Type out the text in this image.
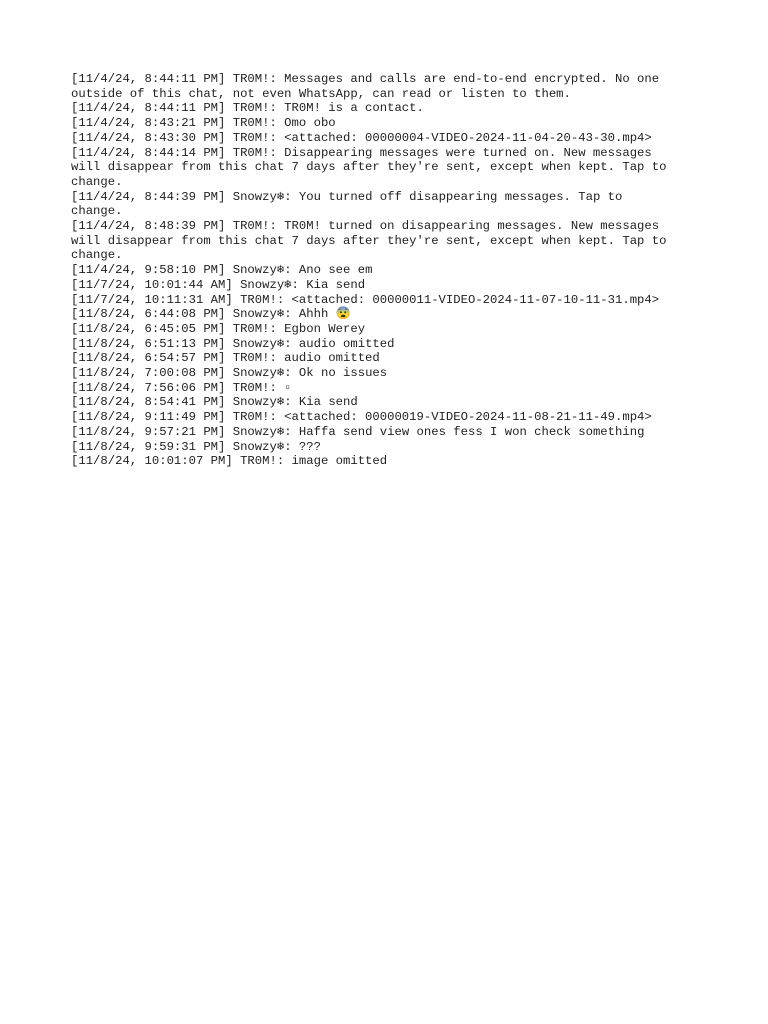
[11/4/24, 8:44:11 PM] TR0M!: Messages and calls are end-to-end encrypted. No one
outside of this chat, not even WhatsApp, can read or listen to them.
[11/4/24, 8:44:11 PM] TR0M!: TR0M! is a contact.
[11/4/24, 8:43:21 PM] TR0M!: Omo obo
[11/4/24, 8:43:30 PM] TR0M!: <attached: 00000004-VIDEO-2024-11-04-20-43-30.mp4>
[11/4/24, 8:44:14 PM] TR0M!: Disappearing messages were turned on. New messages
will disappear from this chat 7 days after they're sent, except when kept. Tap to
change.
[11/4/24, 8:44:39 PM] Snowzy❄: You turned off disappearing messages. Tap to
change.
[11/4/24, 8:48:39 PM] TR0M!: TR0M! turned on disappearing messages. New messages
will disappear from this chat 7 days after they're sent, except when kept. Tap to
change.
[11/4/24, 9:58:10 PM] Snowzy❄: Ano see em
[11/7/24, 10:01:44 AM] Snowzy❄: Kia send
[11/7/24, 10:11:31 AM] TR0M!: <attached: 00000011-VIDEO-2024-11-07-10-11-31.mp4>
[11/8/24, 6:44:08 PM] Snowzy❄: Ahhh 😨
[11/8/24, 6:45:05 PM] TR0M!: Egbon Werey
[11/8/24, 6:51:13 PM] Snowzy❄: audio omitted
[11/8/24, 6:54:57 PM] TR0M!: audio omitted
[11/8/24, 7:00:08 PM] Snowzy❄: Ok no issues
[11/8/24, 7:56:06 PM] TR0M!: ▫
[11/8/24, 8:54:41 PM] Snowzy❄: Kia send
[11/8/24, 9:11:49 PM] TR0M!: <attached: 00000019-VIDEO-2024-11-08-21-11-49.mp4>
[11/8/24, 9:57:21 PM] Snowzy❄: Haffa send view ones fess I won check something
[11/8/24, 9:59:31 PM] Snowzy❄: ???
[11/8/24, 10:01:07 PM] TR0M!: image omitted
